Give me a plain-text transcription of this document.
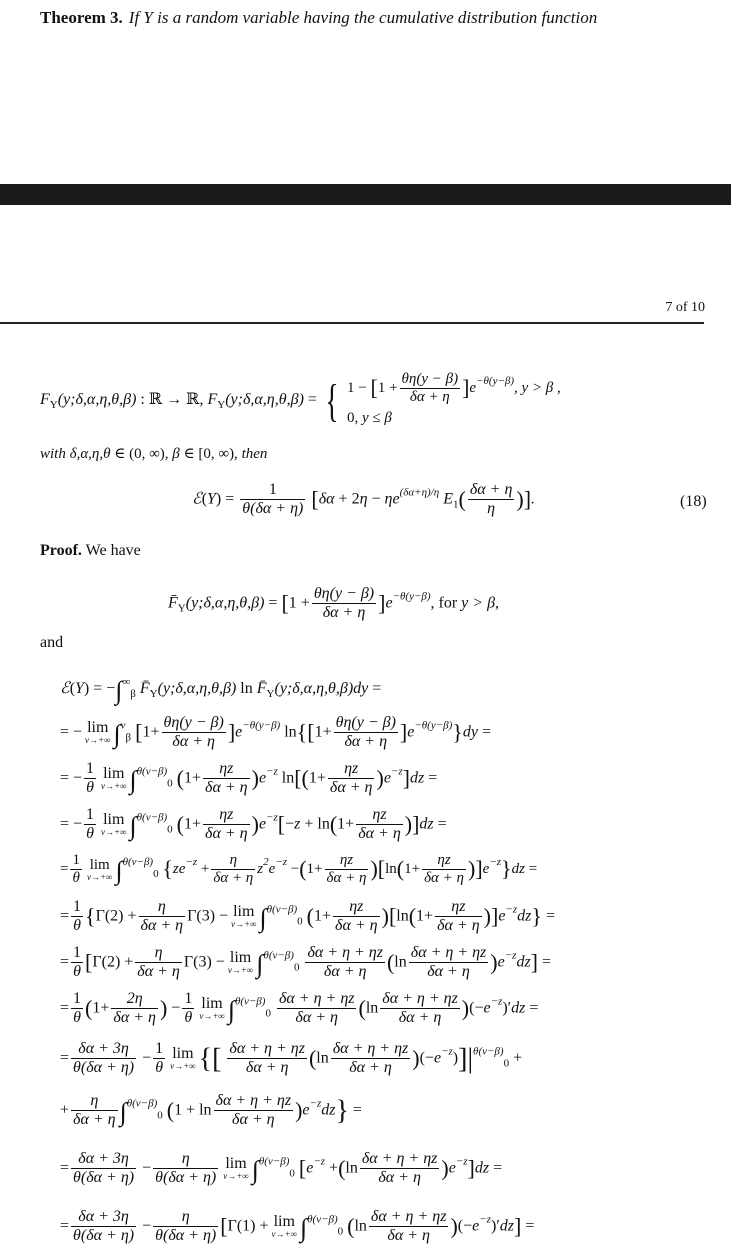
Theorem 3. If Y is a random variable having the cumulative distribution function
7 of 10
$F_Y(y;\delta,\alpha,\eta,\theta,\beta)$ : ℝ → ℝ, $F_Y(y;\delta,\alpha,\eta,\theta,\beta)$ = { $1 - [1 + \frac{\theta\eta(y - \beta)}{\delta\alpha + \eta} ]e^{-\theta(y-\beta)}$, y > β ,
0, y ≤ β
with δ,α,η,θ ∈ (0, ∞), β ∈ [0, ∞), then
ℰ(Y) = $\frac{1}{\theta(\delta\alpha + \eta)} [\delta\alpha + 2\eta - \eta e^{(\delta\alpha+\eta)/\eta}$ $E_1( \frac{\delta\alpha + \eta}{\eta}$ )].	(18)
Proof. We have
$F̄_Y(y;\delta,\alpha,\eta,\theta,\beta) = [1 + \frac{\theta\eta(y - \beta)}{\delta\alpha + \eta} ]e^{-\theta(y-\beta)}$, for y > β,
and
ℰ(Y) = $-\int^\infty_\beta$ $F̄_Y(y;\delta,\alpha,\eta,\theta,\beta)$ $\ln F̄_Y(y;\delta,\alpha,\eta,\theta,\beta)dy$ =
= − lim
v→+∞ ∫$^v_\beta$ $[1+ \frac{\theta\eta(y - \beta)}{\delta\alpha + \eta} ]e^{-\theta(y-\beta)}$ $\ln\{[1+ \frac{\theta\eta(y - \beta)}{\delta\alpha + \eta} ]e^{-\theta(y-\beta)}\}dy$ =
= − $\frac{1}{\theta}$ lim
v→+∞ ∫$^{\theta(v-\beta)}_0$ $(1+ \frac{\eta z}{\delta\alpha + \eta} )e^{-z}$ $\ln[(1+ \frac{\eta z}{\delta\alpha + \eta} )e^{-z}]dz$ =
= − $\frac{1}{\theta}$ lim
v→+∞ ∫$^{\theta(v-\beta)}_0$ $(1+ \frac{\eta z}{\delta\alpha + \eta} )e^{-z}[-z + \ln(1+ \frac{\eta z}{\delta\alpha + \eta} )]dz$ =
= $\frac{1}{\theta}$ lim
v→+∞ ∫$^{\theta(v-\beta)}_0$ $\{ze^{-z} + \frac{\eta}{\delta\alpha + \eta} z^2e^{-z} -(1+ \frac{\eta z}{\delta\alpha + \eta} )[\ln(1+ \frac{\eta z}{\delta\alpha + \eta} )]e^{-z}\}dz$ =
= $\frac{1}{\theta} \{\Gamma(2) + \frac{\eta}{\delta\alpha + \eta} \Gamma(3) - \lim$
v→+∞ ∫$^{\theta(v-\beta)}_0$ $(1+ \frac{\eta z}{\delta\alpha + \eta} )[\ln(1+ \frac{\eta z}{\delta\alpha + \eta} )]e^{-z}dz$} =
= $\frac{1}{\theta} [\Gamma(2) + \frac{\eta}{\delta\alpha + \eta} \Gamma(3) - \lim$
v→+∞ $\int^{\theta(v-\beta)}_0 \frac{\delta\alpha + \eta + \eta z}{\delta\alpha + \eta} (\ln \frac{\delta\alpha + \eta + \eta z}{\delta\alpha + \eta} )e^{-z}dz$] =
= $\frac{1}{\theta} (1+ \frac{2\eta}{\delta\alpha + \eta}$ ) − $\frac{1}{\theta}$ lim
v→+∞ $\int^{\theta(v-\beta)}_0 \frac{\delta\alpha + \eta + \eta z}{\delta\alpha + \eta} (\ln \frac{\delta\alpha + \eta + \eta z}{\delta\alpha + \eta} )(-e^{-z})'dz$ =
= $\frac{\delta\alpha + 3\eta}{\theta(\delta\alpha + \eta)} - \frac{1}{\theta}$ lim
v→+∞ {[ $\frac{\delta\alpha + \eta + \eta z}{\delta\alpha + \eta} (\ln \frac{\delta\alpha + \eta + \eta z}{\delta\alpha + \eta} )(-e^{-z})]|^{\theta(v-\beta)}_0$ +
+ $\frac{\eta}{\delta\alpha + \eta} \int^{\theta(v-\beta)}_0$ $(1 + \ln \frac{\delta\alpha + \eta + \eta z}{\delta\alpha + \eta} )e^{-z}dz$} =
= $\frac{\delta\alpha + 3\eta}{\theta(\delta\alpha + \eta)} - \frac{\eta}{\theta(\delta\alpha + \eta)}$ lim
v→+∞ ∫$^{\theta(v-\beta)}_0$ $[e^{-z} +(\ln \frac{\delta\alpha + \eta + \eta z}{\delta\alpha + \eta} )e^{-z}]dz$ =
= $\frac{\delta\alpha + 3\eta}{\theta(\delta\alpha + \eta)} - \frac{\eta}{\theta(\delta\alpha + \eta)} [\Gamma(1) + \lim$
v→+∞ ∫$^{\theta(v-\beta)}_0$ $(\ln \frac{\delta\alpha + \eta + \eta z}{\delta\alpha + \eta} )(-e^{-z})'dz$] =
